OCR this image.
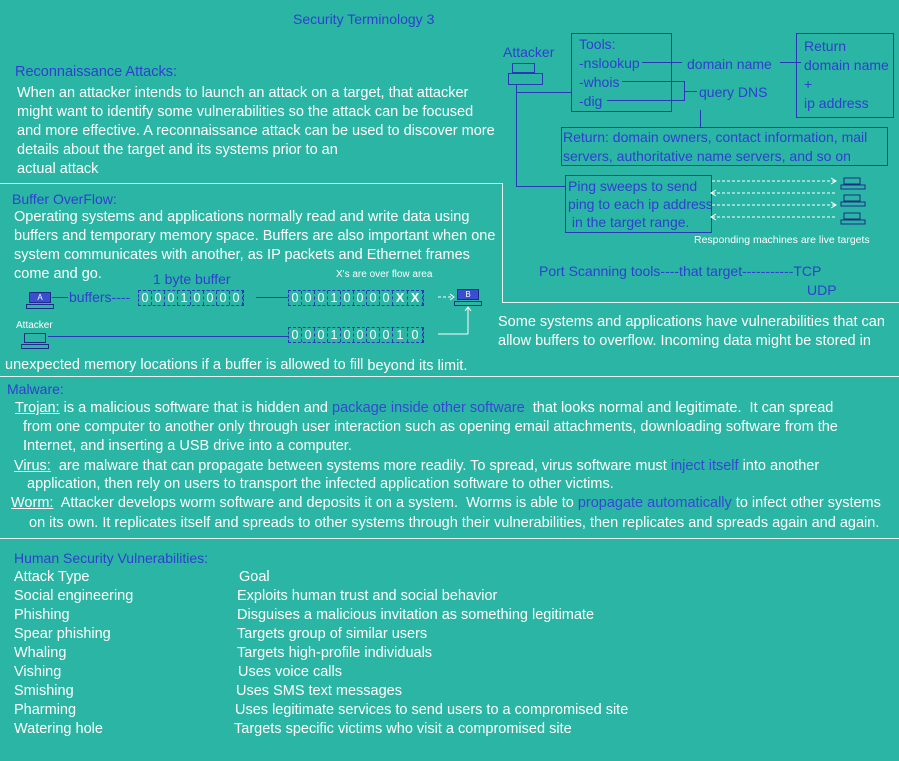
Security Terminology 3
Reconnaissance Attacks:
When an attacker intends to launch an attack on a target, that attacker
might want to identify some vulnerabilities so the attack can be focused
and more effective. A reconnaissance attack can be used to discover more
details about the target and its systems prior to an
actual attack
Attacker Tools:
-nslookup
-whois
-dig
domain name
query DNS
Return
domain name
+
ip address
Return: domain owners, contact information, mail
servers, authoritative name servers, and so on
Ping sweeps to send
ping to each ip address
in the target range.
Responding machines are live targets
Port Scanning tools----that target-----------TCP
UDP
Buffer OverFlow:
Operating systems and applications normally read and write data using
buffers and temporary memory space. Buffers are also important when one
system communicates with another, as IP packets and Ethernet frames
come and go.	1 byte buffer	X's are over flow area
A	buffers---- 0 0 0 1 0 0 0 0	0 0 0 1 0 0 0 0 X X	B
Attacker
0 0 0 1 0 0 0 0 1 0
Some systems and applications have vulnerabilities that can
allow buffers to overflow. Incoming data might be stored in
unexpected memory locations if a buffer is allowed to fill beyond its limit.
Malware:
Trojan: is a malicious software that is hidden and package inside other software  that looks normal and legitimate.  It can spread
from one computer to another only through user interaction such as opening email attachments, downloading software from the
Internet, and inserting a USB drive into a computer.
Virus:  are malware that can propagate between systems more readily. To spread, virus software must inject itself into another
application, then rely on users to transport the infected application software to other victims.
Worm:  Attacker develops worm software and deposits it on a system.  Worms is able to propagate automatically to infect other systems
on its own. It replicates itself and spreads to other systems through their vulnerabilities, then replicates and spreads again and again.
Human Security Vulnerabilities:
Attack Type	Goal
Social engineering	Exploits human trust and social behavior
Phishing	Disguises a malicious invitation as something legitimate
Spear phishing	Targets group of similar users
Whaling	Targets high-profile individuals
Vishing	Uses voice calls
Smishing	Uses SMS text messages
Pharming	Uses legitimate services to send users to a compromised site
Watering hole	Targets specific victims who visit a compromised site
